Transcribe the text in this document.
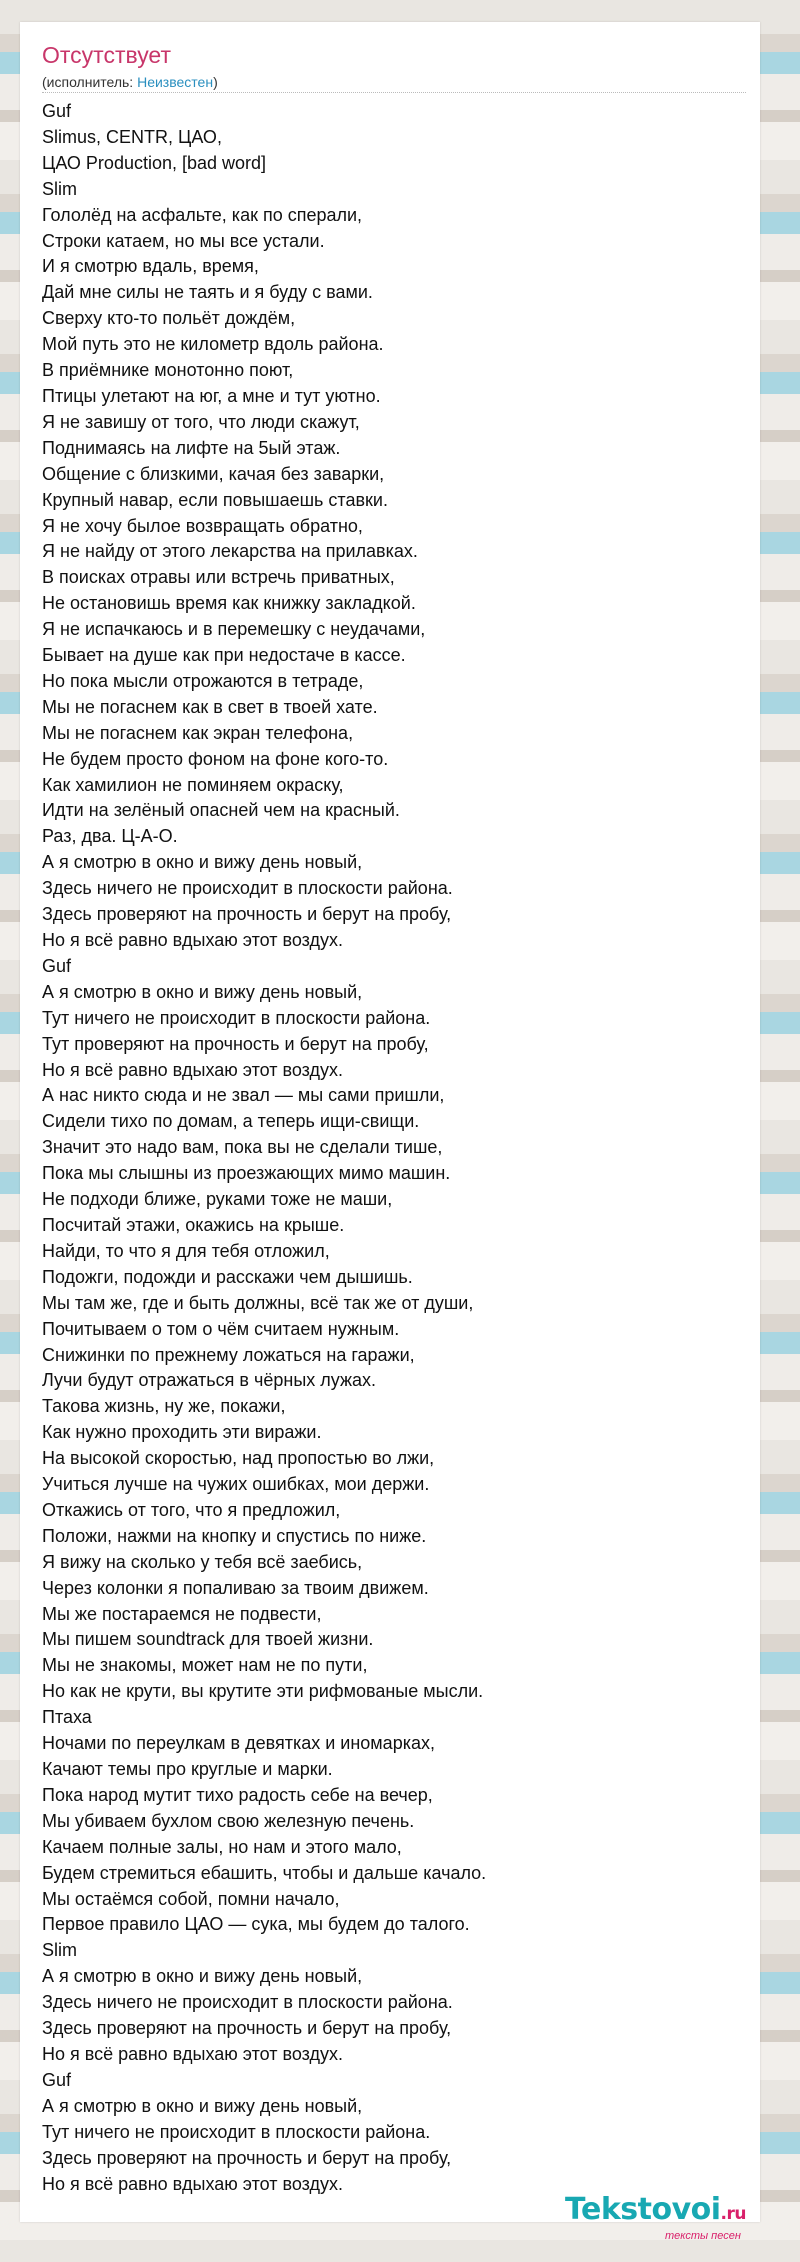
Отсутствует
(исполнитель: Неизвестен)
Guf
Slimus, CENTR, ЦАО,
ЦАО Production, [bad word]
Slim
Гололёд на асфальте, как по сперали,
Строки катаем, но мы все устали.
И я смотрю вдаль, время,
Дай мне силы не таять и я буду с вами.
Сверху кто-то польёт дождём,
Мой путь это не километр вдоль района.
В приёмнике монотонно поют,
Птицы улетают на юг, а мне и тут уютно.
Я не завишу от того, что люди скажут,
Поднимаясь на лифте на 5ый этаж.
Общение с близкими, качая без заварки,
Крупный навар, если повышаешь ставки.
Я не хочу былое возвращать обратно,
Я не найду от этого лекарства на прилавках.
В поисках отравы или встречь приватных,
Не остановишь время как книжку закладкой.
Я не испачкаюсь и в перемешку с неудачами,
Бывает на душе как при недостаче в кассе.
Но пока мысли отрожаются в тетраде,
Мы не погаснем как в свет в твоей хате.
Мы не погаснем как экран телефона,
Не будем просто фоном на фоне кого-то.
Как хамилион не поминяем окраску,
Идти на зелёный опасней чем на красный.
Раз, два. Ц-А-О.
А я смотрю в окно и вижу день новый,
Здесь ничего не происходит в плоскости района.
Здесь проверяют на прочность и берут на пробу,
Но я всё равно вдыхаю этот воздух.
Guf
А я смотрю в окно и вижу день новый,
Тут ничего не происходит в плоскости района.
Тут проверяют на прочность и берут на пробу,
Но я всё равно вдыхаю этот воздух.
А нас никто сюда и не звал — мы сами пришли,
Сидели тихо по домам, а теперь ищи-свищи.
Значит это надо вам, пока вы не сделали тише,
Пока мы слышны из проезжающих мимо машин.
Не подходи ближе, руками тоже не маши,
Посчитай этажи, окажись на крыше.
Найди, то что я для тебя отложил,
Подожги, подожди и расскажи чем дышишь.
Мы там же, где и быть должны, всё так же от души,
Почитываем о том о чём считаем нужным.
Снижинки по прежнему ложаться на гаражи,
Лучи будут отражаться в чёрных лужах.
Такова жизнь, ну же, покажи,
Как нужно проходить эти виражи.
На высокой скоростью, над пропостью во лжи,
Учиться лучше на чужих ошибках, мои держи.
Откажись от того, что я предложил,
Положи, нажми на кнопку и спустись по ниже.
Я вижу на сколько у тебя всё заебись,
Через колонки я попаливаю за твоим движем.
Мы же постараемся не подвести,
Мы пишем soundtrack для твоей жизни.
Мы не знакомы, может нам не по пути,
Но как не крути, вы крутите эти рифмованые мысли.
Птаха
Ночами по переулкам в девятках и иномарках,
Качают темы про круглые и марки.
Пока народ мутит тихо радость себе на вечер,
Мы убиваем бухлом свою железную печень.
Качаем полные залы, но нам и этого мало,
Будем стремиться ебашить, чтобы и дальше качало.
Мы остаёмся собой, помни начало,
Первое правило ЦАО — сука, мы будем до талого.
Slim
А я смотрю в окно и вижу день новый,
Здесь ничего не происходит в плоскости района.
Здесь проверяют на прочность и берут на пробу,
Но я всё равно вдыхаю этот воздух.
Guf
А я смотрю в окно и вижу день новый,
Тут ничего не происходит в плоскости района.
Здесь проверяют на прочность и берут на пробу,
Но я всё равно вдыхаю этот воздух.
Tekstovoi.ru
тексты песен
